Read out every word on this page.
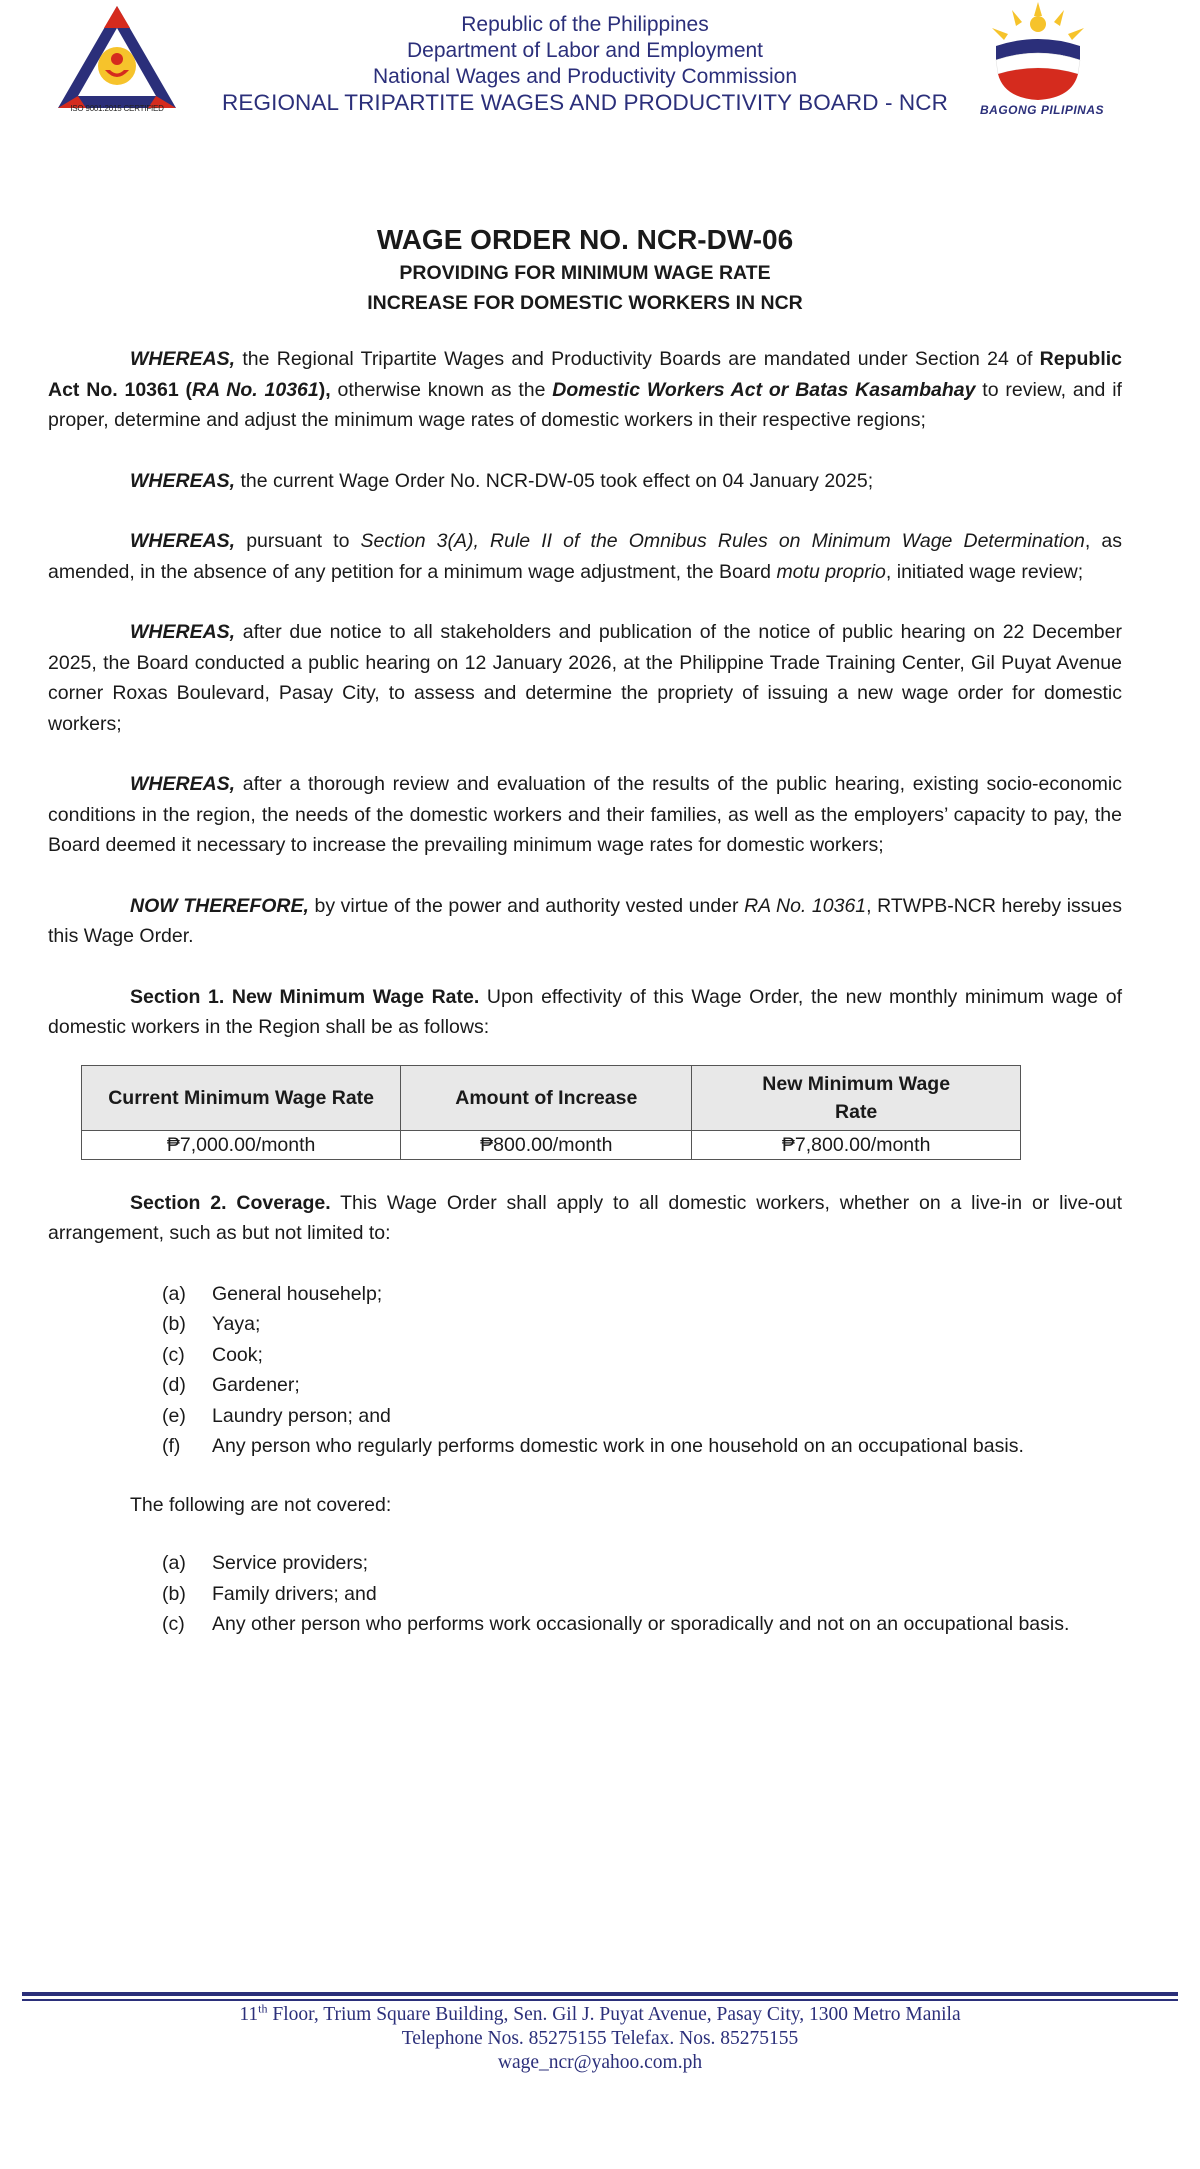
ISO 9001:2015 CERTIFIED
Republic of the Philippines
Department of Labor and Employment
National Wages and Productivity Commission
REGIONAL TRIPARTITE WAGES AND PRODUCTIVITY BOARD - NCR	BAGONG PILIPINAS
WAGE ORDER NO. NCR-DW-06
PROVIDING FOR MINIMUM WAGE RATE
INCREASE FOR DOMESTIC WORKERS IN NCR

WHEREAS, the Regional Tripartite Wages and Productivity Boards are mandated under Section 24 of Republic Act No. 10361 (RA No. 10361), otherwise known as the Domestic Workers Act or Batas Kasambahay to review, and if proper, determine and adjust the minimum wage rates of domestic workers in their respective regions;

WHEREAS, the current Wage Order No. NCR-DW-05 took effect on 04 January 2025;

WHEREAS, pursuant to Section 3(A), Rule II of the Omnibus Rules on Minimum Wage Determination, as amended, in the absence of any petition for a minimum wage adjustment, the Board motu proprio, initiated wage review;

WHEREAS, after due notice to all stakeholders and publication of the notice of public hearing on 22 December 2025, the Board conducted a public hearing on 12 January 2026, at the Philippine Trade Training Center, Gil Puyat Avenue corner Roxas Boulevard, Pasay City, to assess and determine the propriety of issuing a new wage order for domestic workers;

WHEREAS, after a thorough review and evaluation of the results of the public hearing, existing socio-economic conditions in the region, the needs of the domestic workers and their families, as well as the employers’ capacity to pay, the Board deemed it necessary to increase the prevailing minimum wage rates for domestic workers;

NOW THEREFORE, by virtue of the power and authority vested under RA No. 10361, RTWPB-NCR hereby issues this Wage Order.

Section 1. New Minimum Wage Rate. Upon effectivity of this Wage Order, the new monthly minimum wage of domestic workers in the Region shall be as follows:

Current Minimum Wage Rate	Amount of Increase	New Minimum Wage Rate
₱7,000.00/month	₱800.00/month	₱7,800.00/month

Section 2. Coverage. This Wage Order shall apply to all domestic workers, whether on a live-in or live-out arrangement, such as but not limited to:

(a)	General househelp;
(b)	Yaya;
(c)	Cook;
(d)	Gardener;
(e)	Laundry person; and
(f)	Any person who regularly performs domestic work in one household on an occupational basis.

The following are not covered:

(a)	Service providers;
(b)	Family drivers; and
(c)	Any other person who performs work occasionally or sporadically and not on an occupational basis.
11th Floor, Trium Square Building, Sen. Gil J. Puyat Avenue, Pasay City, 1300 Metro Manila
Telephone Nos. 85275155 Telefax. Nos. 85275155
wage_ncr@yahoo.com.ph
